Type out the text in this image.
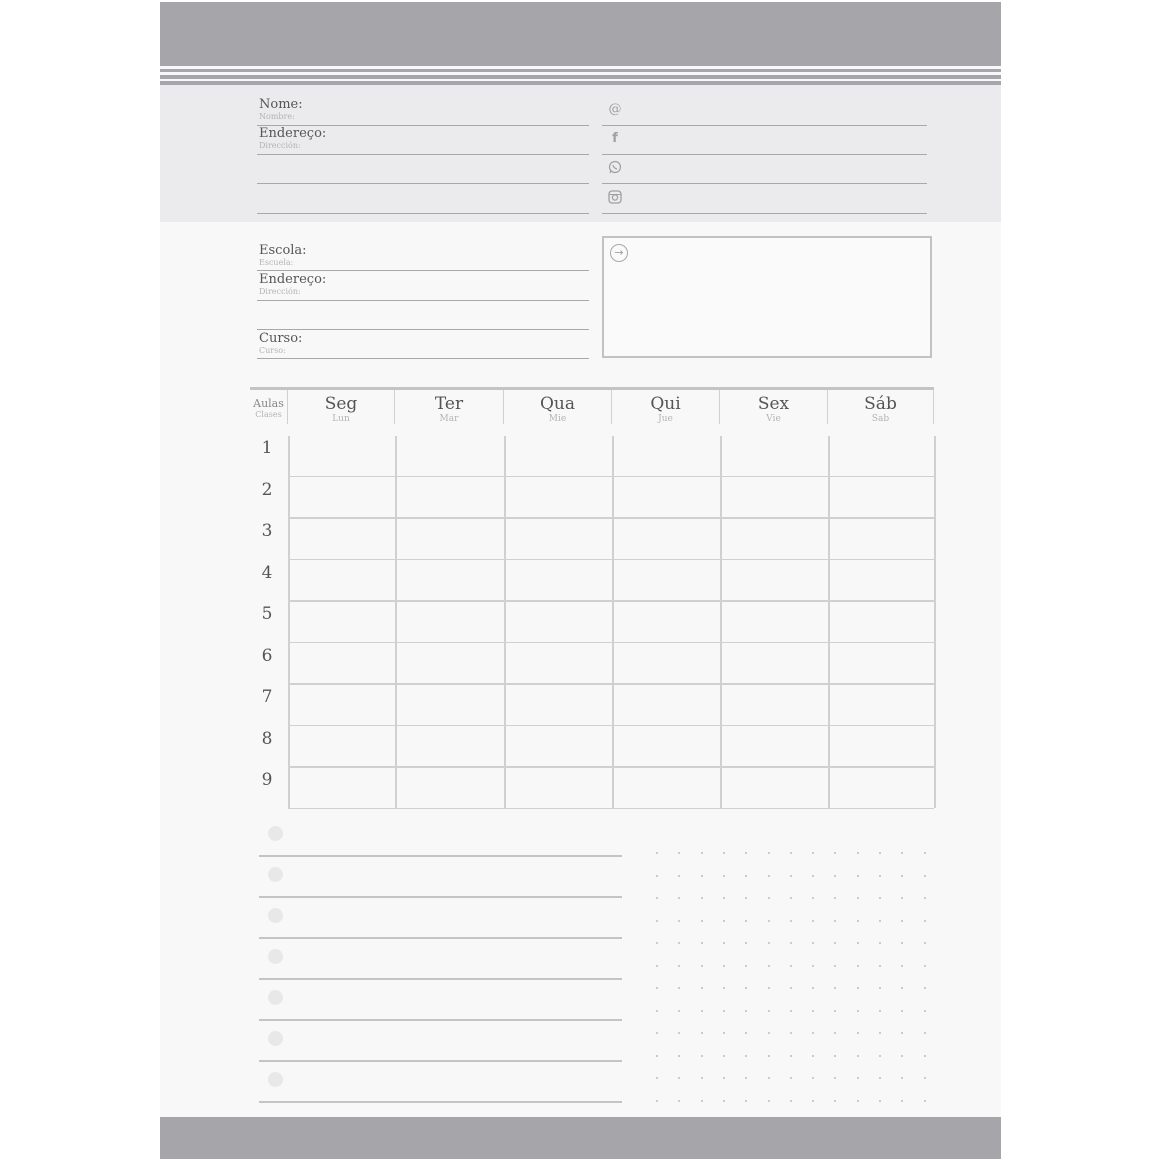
Nome:
Nombre:
Endereço:
Dirección:
@
f
Escola:
Escuela:
Endereço:
Dirección:
Curso:
Curso:
→
Aulas
Clases
Seg
Lun
Ter
Mar
Qua
Mie
Qui
Jue
Sex
Vie
Sáb
Sab
1
2
3
4
5
6
7
8
9
